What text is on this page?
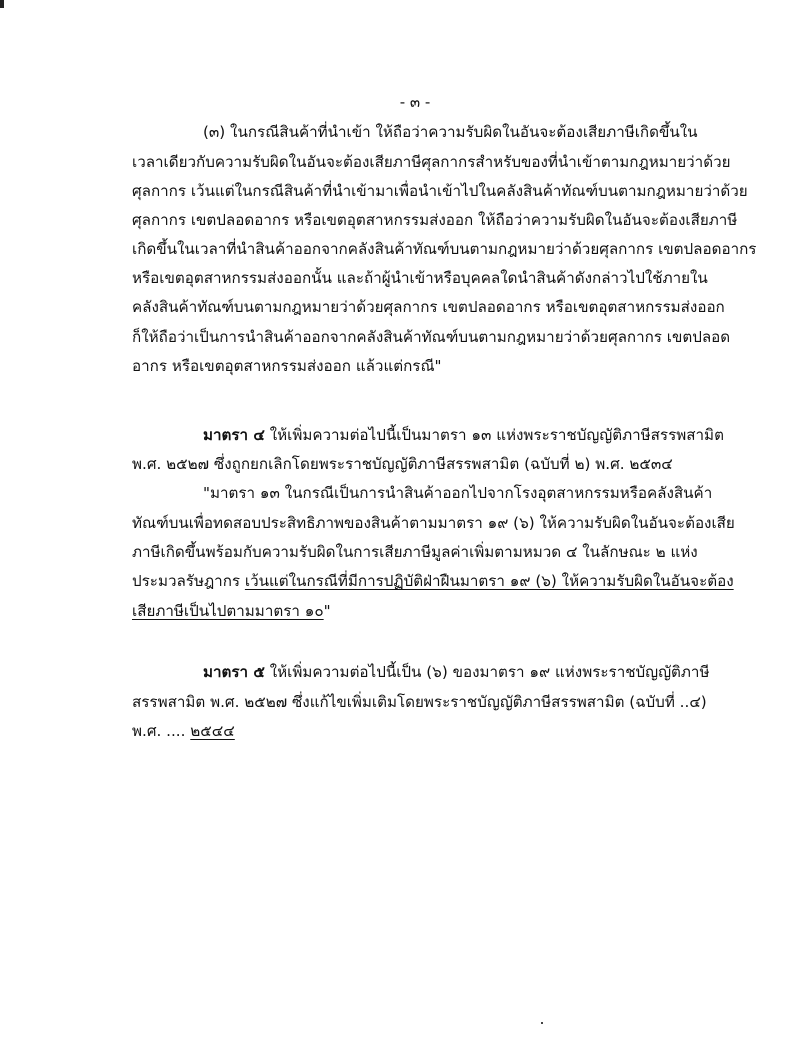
- ๓ -
(๓) ในกรณีสินค้าที่นำเข้า ให้ถือว่าความรับผิดในอันจะต้องเสียภาษีเกิดขึ้นใน
เวลาเดียวกับความรับผิดในอันจะต้องเสียภาษีศุลกากรสำหรับของที่นำเข้าตามกฎหมายว่าด้วย
ศุลกากร เว้นแต่ในกรณีสินค้าที่นำเข้ามาเพื่อนำเข้าไปในคลังสินค้าทัณฑ์บนตามกฎหมายว่าด้วย
ศุลกากร เขตปลอดอากร หรือเขตอุตสาหกรรมส่งออก ให้ถือว่าความรับผิดในอันจะต้องเสียภาษี
เกิดขึ้นในเวลาที่นำสินค้าออกจากคลังสินค้าทัณฑ์บนตามกฎหมายว่าด้วยศุลกากร เขตปลอดอากร
หรือเขตอุตสาหกรรมส่งออกนั้น และถ้าผู้นำเข้าหรือบุคคลใดนำสินค้าดังกล่าวไปใช้ภายใน
คลังสินค้าทัณฑ์บนตามกฎหมายว่าด้วยศุลกากร เขตปลอดอากร หรือเขตอุตสาหกรรมส่งออก
ก็ให้ถือว่าเป็นการนำสินค้าออกจากคลังสินค้าทัณฑ์บนตามกฎหมายว่าด้วยศุลกากร เขตปลอด
อากร หรือเขตอุตสาหกรรมส่งออก แล้วแต่กรณี"
มาตรา ๔ ให้เพิ่มความต่อไปนี้เป็นมาตรา ๑๓ แห่งพระราชบัญญัติภาษีสรรพสามิต
พ.ศ. ๒๕๒๗ ซึ่งถูกยกเลิกโดยพระราชบัญญัติภาษีสรรพสามิต (ฉบับที่ ๒) พ.ศ. ๒๕๓๔
"มาตรา ๑๓ ในกรณีเป็นการนำสินค้าออกไปจากโรงอุตสาหกรรมหรือคลังสินค้า
ทัณฑ์บนเพื่อทดสอบประสิทธิภาพของสินค้าตามมาตรา ๑๙ (๖) ให้ความรับผิดในอันจะต้องเสีย
ภาษีเกิดขึ้นพร้อมกับความรับผิดในการเสียภาษีมูลค่าเพิ่มตามหมวด ๔ ในลักษณะ ๒ แห่ง
ประมวลรัษฎากร เว้นแต่ในกรณีที่มีการปฏิบัติฝ่าฝืนมาตรา ๑๙ (๖) ให้ความรับผิดในอันจะต้อง
เสียภาษีเป็นไปตามมาตรา ๑๐"
มาตรา ๕ ให้เพิ่มความต่อไปนี้เป็น (๖) ของมาตรา ๑๙ แห่งพระราชบัญญัติภาษี
สรรพสามิต พ.ศ. ๒๕๒๗ ซึ่งแก้ไขเพิ่มเติมโดยพระราชบัญญัติภาษีสรรพสามิต (ฉบับที่ ..๔)
พ.ศ. .... ๒๕๔๔
